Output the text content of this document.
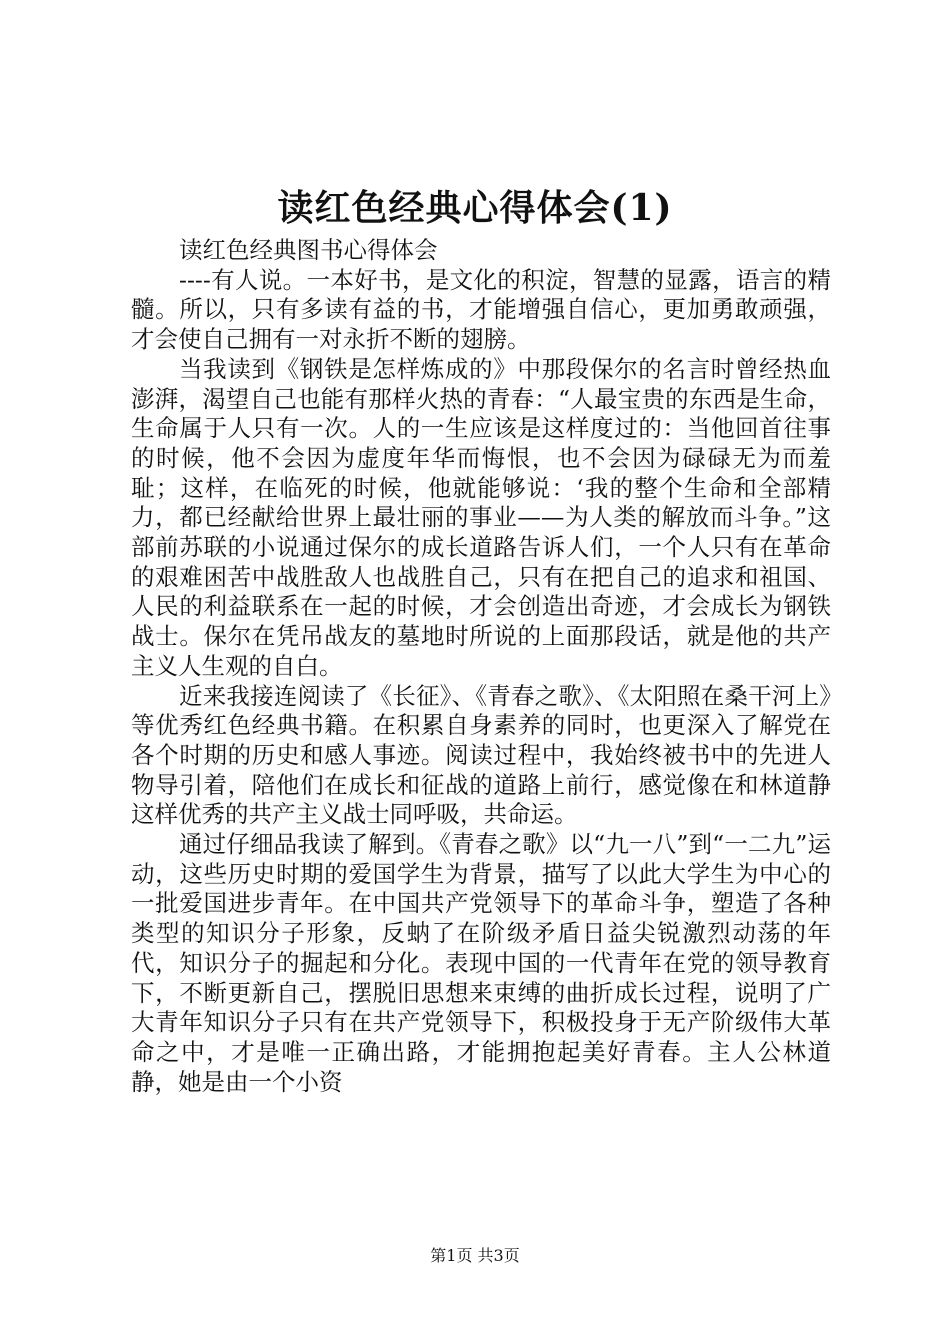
读红色经典心得体会(1)

读红色经典图书心得体会

----有人说。一本好书，是文化的积淀，智慧的显露，语言的精髓。所以，只有多读有益的书，才能增强自信心，更加勇敢顽强，才会使自己拥有一对永折不断的翅膀。

当我读到《钢铁是怎样炼成的》中那段保尔的名言时曾经热血澎湃，渴望自己也能有那样火热的青春：“人最宝贵的东西是生命，生命属于人只有一次。人的一生应该是这样度过的：当他回首往事的时候，他不会因为虚度年华而悔恨，也不会因为碌碌无为而羞耻；这样，在临死的时候，他就能够说：‘我的整个生命和全部精力，都已经献给世界上最壮丽的事业——为人类的解放而斗争。”这部前苏联的小说通过保尔的成长道路告诉人们，一个人只有在革命的艰难困苦中战胜敌人也战胜自己，只有在把自己的追求和祖国、人民的利益联系在一起的时候，才会创造出奇迹，才会成长为钢铁战士。保尔在凭吊战友的墓地时所说的上面那段话，就是他的共产主义人生观的自白。

近来我接连阅读了《长征》、《青春之歌》、《太阳照在桑干河上》等优秀红色经典书籍。在积累自身素养的同时，也更深入了解党在各个时期的历史和感人事迹。阅读过程中，我始终被书中的先进人物导引着，陪他们在成长和征战的道路上前行，感觉像在和林道静这样优秀的共产主义战士同呼吸，共命运。

通过仔细品我读了解到。《青春之歌》以“九一八”到“一二九”运动，这些历史时期的爱国学生为背景，描写了以此大学生为中心的一批爱国进步青年。在中国共产党领导下的革命斗争，塑造了各种类型的知识分子形象，反蚋了在阶级矛盾日益尖锐激烈动荡的年代，知识分子的掘起和分化。表现中国的一代青年在党的领导教育下，不断更新自己，摆脱旧思想来束缚的曲折成长过程，说明了广大青年知识分子只有在共产党领导下，积极投身于无产阶级伟大革命之中，才是唯一正确出路，才能拥抱起美好青春。主人公林道静，她是由一个小资

第1页 共3页
